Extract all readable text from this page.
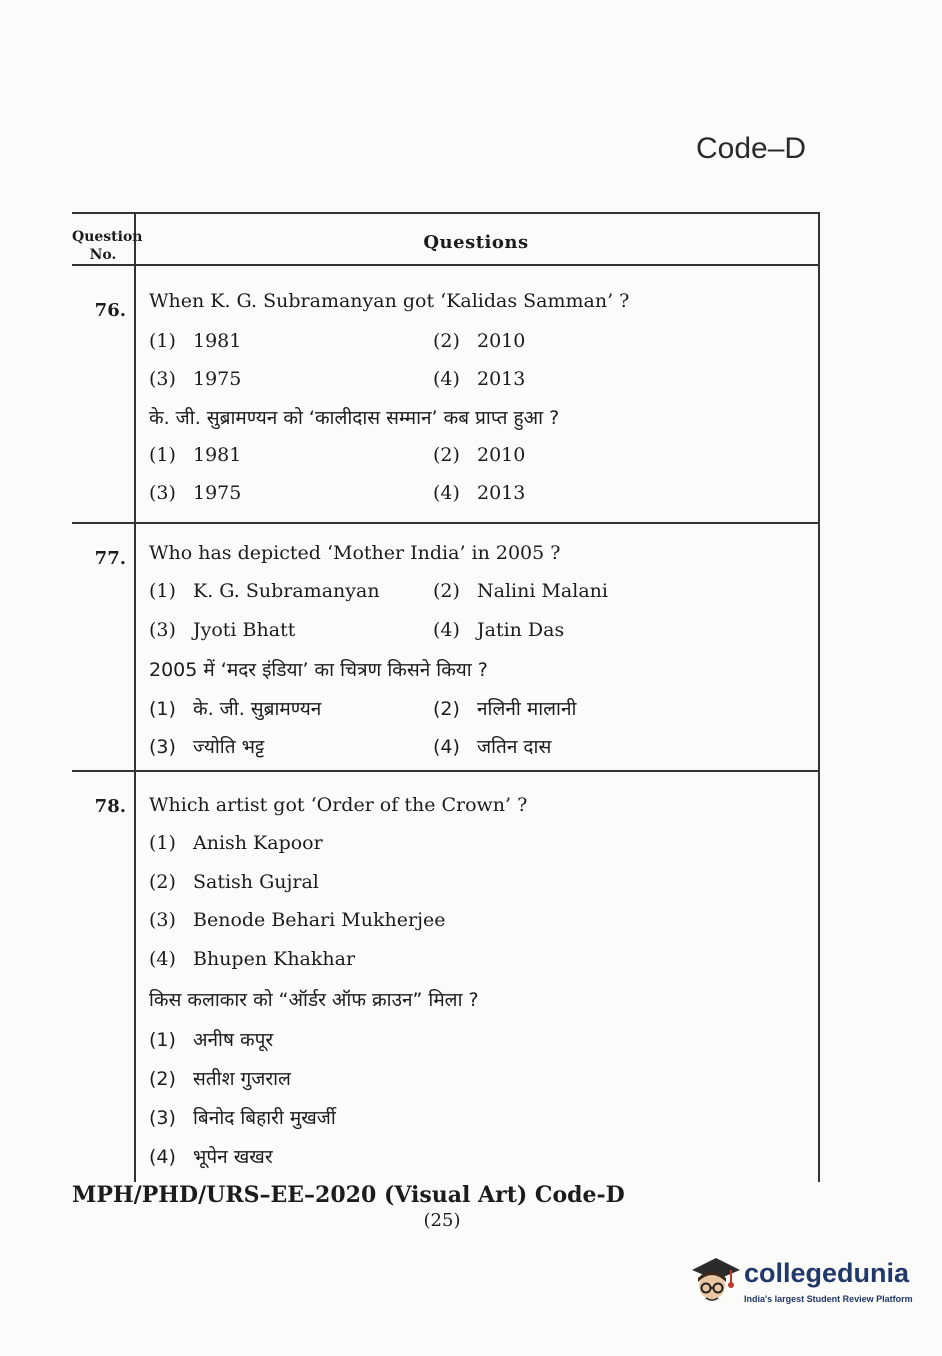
Code–D
Question No.
Questions
76. When K. G. Subramanyan got ‘Kalidas Samman’ ?
(1) 1981	(2) 2010
(3) 1975	(4) 2013
के. जी. सुब्रामण्यन को ‘कालीदास सम्मान’ कब प्राप्त हुआ ?
(1) 1981	(2) 2010
(3) 1975	(4) 2013
77. Who has depicted ‘Mother India’ in 2005 ?
(1) K. G. Subramanyan	(2) Nalini Malani
(3) Jyoti Bhatt	(4) Jatin Das
2005 में ‘मदर इंडिया’ का चित्रण किसने किया ?
(1) के. जी. सुब्रामण्यन	(2) नलिनी मालानी
(3) ज्योति भट्ट	(4) जतिन दास
78. Which artist got ‘Order of the Crown’ ?
(1) Anish Kapoor
(2) Satish Gujral
(3) Benode Behari Mukherjee
(4) Bhupen Khakhar
किस कलाकार को “ऑर्डर ऑफ क्राउन” मिला ?
(1) अनीष कपूर
(2) सतीश गुजराल
(3) बिनोद बिहारी मुखर्जी
(4) भूपेन खखर
MPH/PHD/URS–EE–2020 (Visual Art) Code-D
(25)
collegedunia
India's largest Student Review Platform
